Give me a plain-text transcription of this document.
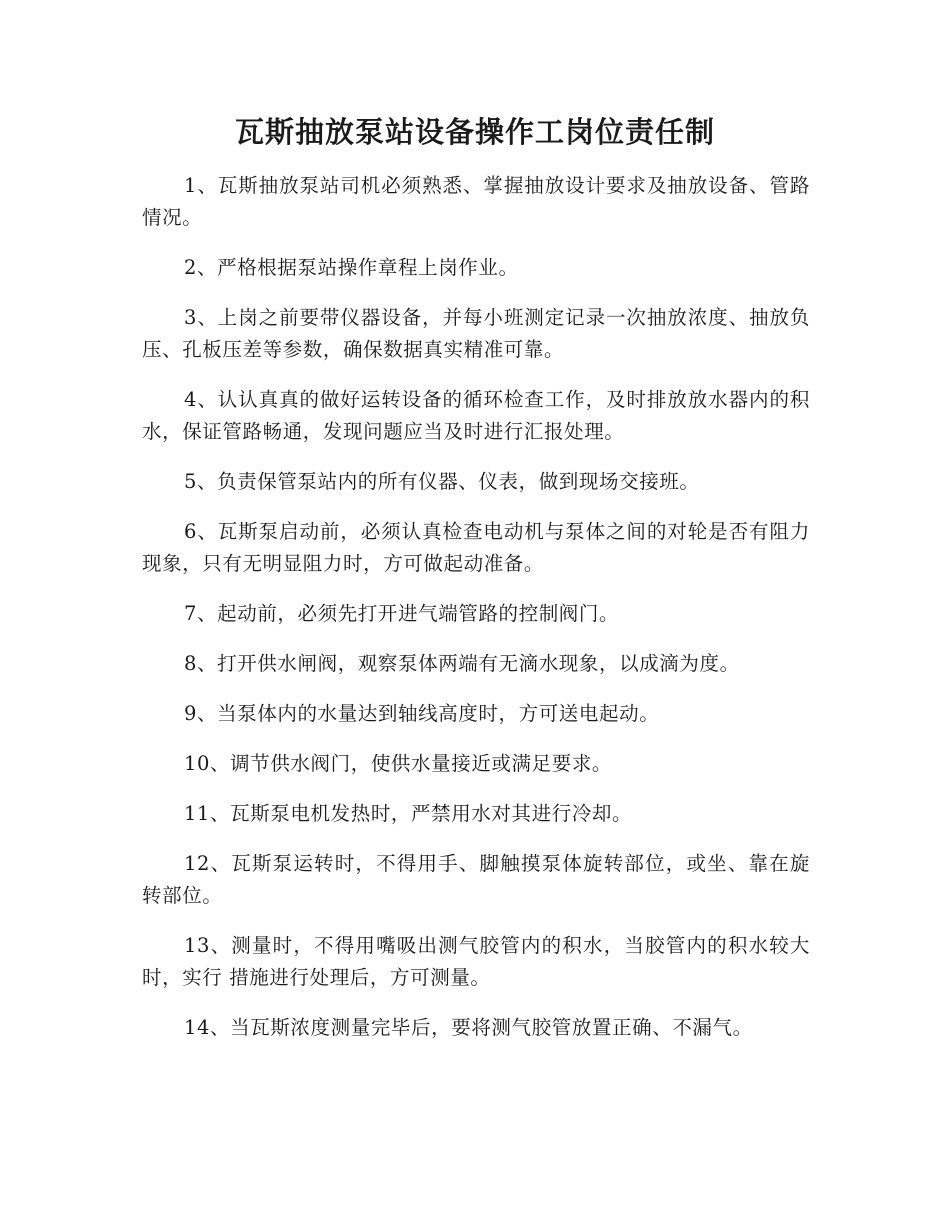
瓦斯抽放泵站设备操作工岗位责任制

1、瓦斯抽放泵站司机必须熟悉、掌握抽放设计要求及抽放设备、管路情况。

2、严格根据泵站操作章程上岗作业。

3、上岗之前要带仪器设备，并每小班测定记录一次抽放浓度、抽放负压、孔板压差等参数，确保数据真实精准可靠。

4、认认真真的做好运转设备的循环检查工作，及时排放放水器内的积水，保证管路畅通，发现问题应当及时进行汇报处理。

5、负责保管泵站内的所有仪器、仪表，做到现场交接班。

6、瓦斯泵启动前，必须认真检查电动机与泵体之间的对轮是否有阻力现象，只有无明显阻力时，方可做起动准备。

7、起动前，必须先打开进气端管路的控制阀门。

8、打开供水闸阀，观察泵体两端有无滴水现象，以成滴为度。

9、当泵体内的水量达到轴线高度时，方可送电起动。

10、调节供水阀门，使供水量接近或满足要求。

11、瓦斯泵电机发热时，严禁用水对其进行冷却。

12、瓦斯泵运转时，不得用手、脚触摸泵体旋转部位，或坐、靠在旋转部位。

13、测量时，不得用嘴吸出测气胶管内的积水，当胶管内的积水较大时，实行 措施进行处理后，方可测量。

14、当瓦斯浓度测量完毕后，要将测气胶管放置正确、不漏气。
